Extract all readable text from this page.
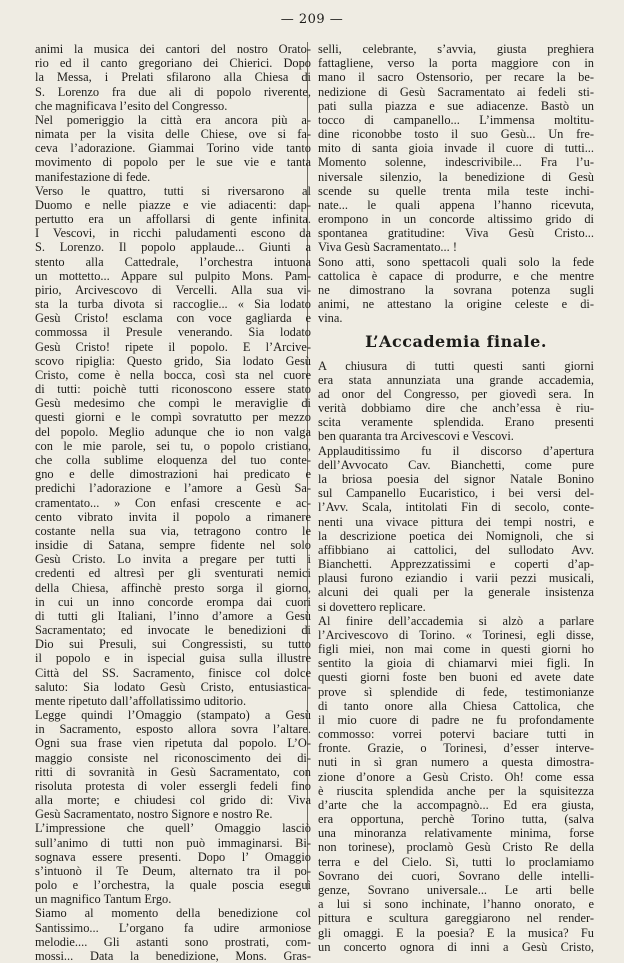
— 209 —
animi la musica dei cantori del nostro Orato-
rio ed il canto gregoriano dei Chierici. Dopo
la Messa, i Prelati sfilarono alla Chiesa di
S. Lorenzo fra due ali di popolo riverente,
che magnificava l’esito del Congresso.
Nel pomeriggio la città era ancora più a-
nimata per la visita delle Chiese, ove si fa-
ceva l’adorazione. Giammai Torino vide tanto
movimento di popolo per le sue vie e tanta
manifestazione di fede.
Verso le quattro, tutti si riversarono al
Duomo e nelle piazze e vie adiacenti: dap-
pertutto era un affollarsi di gente infinita.
I Vescovi, in ricchi paludamenti escono da
S. Lorenzo. Il popolo applaude... Giunti a
stento alla Cattedrale, l’orchestra intuona
un mottetto... Appare sul pulpito Mons. Pam-
pirio, Arcivescovo di Vercelli. Alla sua vi-
sta la turba divota si raccoglie... « Sia lodato
Gesù Cristo! esclama con voce gagliarda e
commossa il Presule venerando. Sia lodato
Gesù Cristo! ripete il popolo. E l’Arcive-
scovo ripiglia: Questo grido, Sia lodato Gesù
Cristo, come è nella bocca, così sta nel cuore
di tutti: poichè tutti riconoscono essere stato
Gesù medesimo che compì le meraviglie di
questi giorni e le compì sovratutto per mezzo
del popolo. Meglio adunque che io non valga
con le mie parole, sei tu, o popolo cristiano,
che colla sublime eloquenza del tuo conte-
gno e delle dimostrazioni hai predicato e
predichi l’adorazione e l’amore a Gesù Sa-
cramentato... » Con enfasi crescente e ac-
cento vibrato invita il popolo a rimanere
costante nella sua via, tetragono contro le
insidie di Satana, sempre fidente nel solo
Gesù Cristo. Lo invita a pregare per tutti i
credenti ed altresì per gli sventurati nemici
della Chiesa, affinchè presto sorga il giorno,
in cui un inno concorde erompa dai cuori
di tutti gli Italiani, l’inno d’amore a Gesù
Sacramentato; ed invocate le benedizioni di
Dio sui Presuli, sui Congressisti, su tutto
il popolo e in ispecial guisa sulla illustre
Città del SS. Sacramento, finisce col dolce
saluto: Sia lodato Gesù Cristo, entusiastica-
mente ripetuto dall’affollatissimo uditorio.
Legge quindi l’Omaggio (stampato) a Gesù
in Sacramento, esposto allora sovra l’altare.
Ogni sua frase vien ripetuta dal popolo. L’O-
maggio consiste nel riconoscimento dei di-
ritti di sovranità in Gesù Sacramentato, con
risoluta protesta di voler essergli fedeli fino
alla morte; e chiudesi col grido di: Viva
Gesù Sacramentato, nostro Signore e nostro Re.
L’impressione che quell’ Omaggio lasciò
sull’animo di tutti non può immaginarsi. Bi-
sognava essere presenti. Dopo l’ Omaggio
s’intuonò il Te Deum, alternato tra il po-
polo e l’orchestra, la quale poscia eseguì
un magnifico Tantum Ergo.
Siamo al momento della benedizione col
Santissimo... L’organo fa udire armoniose
melodie.... Gli astanti sono prostrati, com-
mossi... Data la benedizione, Mons. Gras-
selli, celebrante, s’avvia, giusta preghiera
fattagliene, verso la porta maggiore con in
mano il sacro Ostensorio, per recare la be-
nedizione di Gesù Sacramentato ai fedeli sti-
pati sulla piazza e sue adiacenze. Bastò un
tocco di campanello... L’immensa moltitu-
dine riconobbe tosto il suo Gesù... Un fre-
mito di santa gioia invade il cuore di tutti...
Momento solenne, indescrivibile... Fra l’u-
niversale silenzio, la benedizione di Gesù
scende su quelle trenta mila teste inchi-
nate... le quali appena l’hanno ricevuta,
erompono in un concorde altissimo grido di
spontanea gratitudine: Viva Gesù Cristo...
Viva Gesù Sacramentato... !
Sono atti, sono spettacoli quali solo la fede
cattolica è capace di produrre, e che mentre
ne dimostrano la sovrana potenza sugli
animi, ne attestano la origine celeste e di-
vina.
L’Accademia finale.
A chiusura di tutti questi santi giorni
era stata annunziata una grande accademia,
ad onor del Congresso, per giovedì sera. In
verità dobbiamo dire che anch’essa è riu-
scita veramente splendida. Erano presenti
ben quaranta tra Arcivescovi e Vescovi.
Applauditissimo fu il discorso d’apertura
dell’Avvocato Cav. Bianchetti, come pure
la briosa poesia del signor Natale Bonino
sul Campanello Eucaristico, i bei versi del-
l’Avv. Scala, intitolati Fin di secolo, conte-
nenti una vivace pittura dei tempi nostri, e
la descrizione poetica dei Nomignoli, che si
affibbiano ai cattolici, del sullodato Avv.
Bianchetti. Apprezzatissimi e coperti d’ap-
plausi furono eziandio i varii pezzi musicali,
alcuni dei quali per la generale insistenza
si dovettero replicare.
Al finire dell’accademia si alzò a parlare
l’Arcivescovo di Torino. « Torinesi, egli disse,
figli miei, non mai come in questi giorni ho
sentito la gioia di chiamarvi miei figli. In
questi giorni foste ben buoni ed avete date
prove sì splendide di fede, testimonianze
di tanto onore alla Chiesa Cattolica, che
il mio cuore di padre ne fu profondamente
commosso: vorrei potervi baciare tutti in
fronte. Grazie, o Torinesi, d’esser interve-
nuti in sì gran numero a questa dimostra-
zione d’onore a Gesù Cristo. Oh! come essa
è riuscita splendida anche per la squisitezza
d’arte che la accompagnò... Ed era giusta,
era opportuna, perchè Torino tutta, (salva
una minoranza relativamente minima, forse
non torinese), proclamò Gesù Cristo Re della
terra e del Cielo. Sì, tutti lo proclamiamo
Sovrano dei cuori, Sovrano delle intelli-
genze, Sovrano universale... Le arti belle
a lui si sono inchinate, l’hanno onorato, e
pittura e scultura gareggiarono nel render-
gli omaggi. E la poesia? E la musica? Fu
un concerto ognora di inni a Gesù Cristo,
